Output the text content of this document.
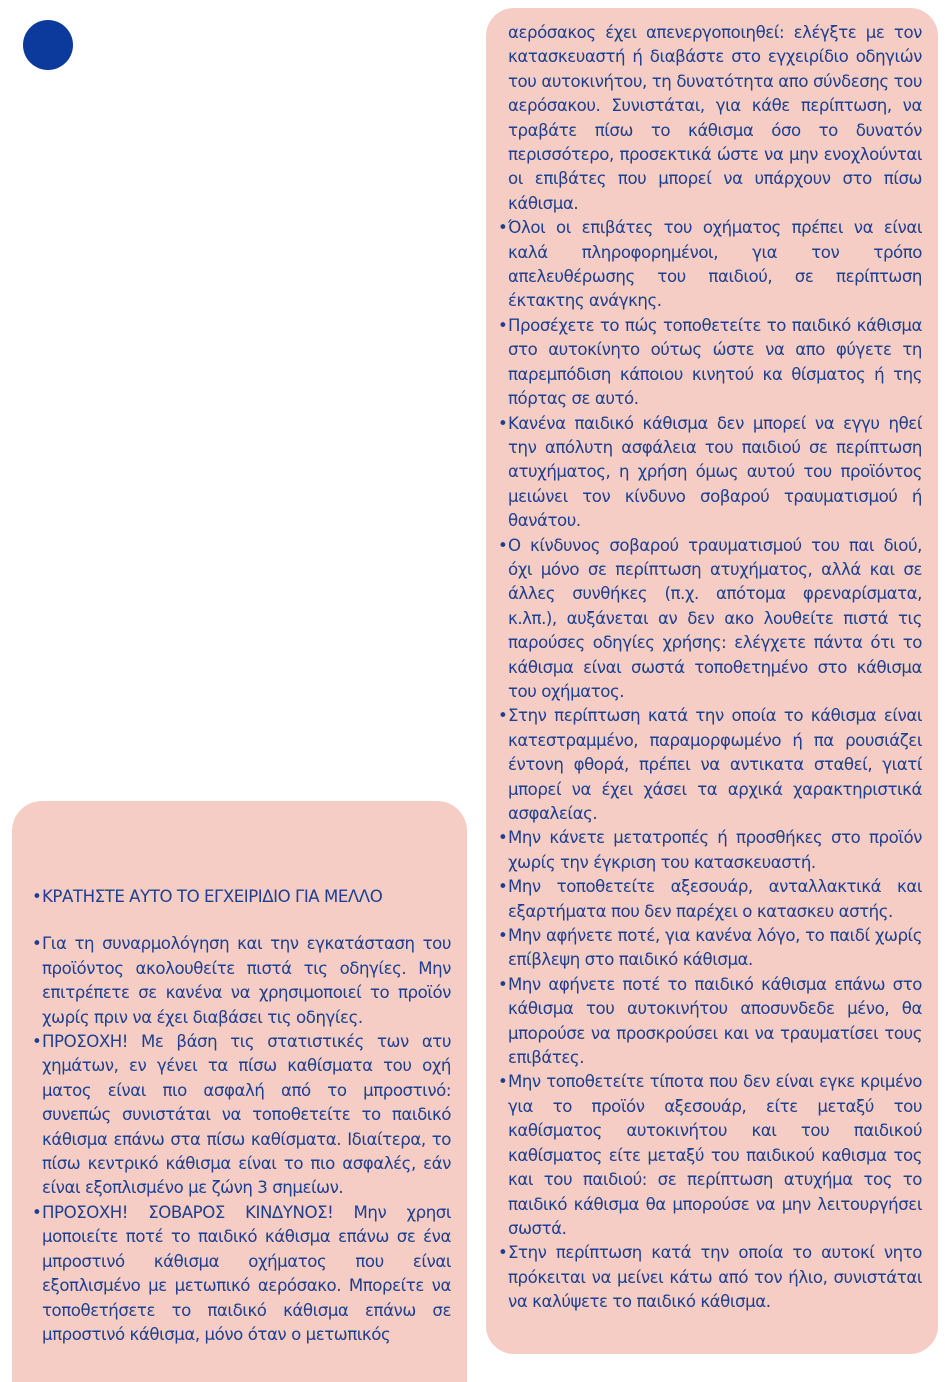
• ΚΡΑΤΗΣΤΕ ΑΥΤΟ ΤΟ ΕΓΧΕΙΡΙΔΙΟ ΓΙΑ ΜΕΛΛΟ
• Για τη συναρμολόγηση και την εγκατάσταση του προϊόντος ακολουθείτε πιστά τις οδηγίες. Μην επιτρέπετε σε κανένα να χρησιμοποιεί το προϊόν χωρίς πριν να έχει διαβάσει τις οδηγίες.
• ΠΡΟΣΟΧΗ! Με βάση τις στατιστικές των ατυ χημάτων, εν γένει τα πίσω καθίσματα του οχή ματος είναι πιο ασφαλή από το μπροστινό: συνεπώς συνιστάται να τοποθετείτε το παιδικό κάθισμα επάνω στα πίσω καθίσματα. Ιδιαίτερα, το πίσω κεντρικό κάθισμα είναι το πιο ασφαλές, εάν είναι εξοπλισμένο με ζώνη 3 σημείων.
• ΠΡΟΣΟΧΗ! ΣΟΒΑΡΟΣ ΚΙΝΔΥΝΟΣ! Μην χρησι μοποιείτε ποτέ το παιδικό κάθισμα επάνω σε ένα μπροστινό κάθισμα οχήματος που είναι εξοπλισμένο με μετωπικό αερόσακο. Μπορείτε να τοποθετήσετε το παιδικό κάθισμα επάνω σε μπροστινό κάθισμα, μόνο όταν ο μετωπικός
αερόσακος έχει απενεργοποιηθεί: ελέγξτε με τον κατασκευαστή ή διαβάστε στο εγχειρίδιο οδηγιών του αυτοκινήτου, τη δυνατότητα απο σύνδεσης του αερόσακου. Συνιστάται, για κάθε περίπτωση, να τραβάτε πίσω το κάθισμα όσο το δυνατόν περισσότερο, προσεκτικά ώστε να μην ενοχλούνται οι επιβάτες που μπορεί να υπάρχουν στο πίσω κάθισμα.
• Όλοι οι επιβάτες του οχήματος πρέπει να είναι καλά πληροφορημένοι, για τον τρόπο απελευθέρωσης του παιδιού, σε περίπτωση έκτακτης ανάγκης.
• Προσέχετε το πώς τοποθετείτε το παιδικό κάθισμα στο αυτοκίνητο ούτως ώστε να απο φύγετε τη παρεμπόδιση κάποιου κινητού κα θίσματος ή της πόρτας σε αυτό.
• Κανένα παιδικό κάθισμα δεν μπορεί να εγγυ ηθεί την απόλυτη ασφάλεια του παιδιού σε περίπτωση ατυχήματος, η χρήση όμως αυτού του προϊόντος μειώνει τον κίνδυνο σοβαρού τραυματισμού ή θανάτου.
• Ο κίνδυνος σοβαρού τραυματισμού του παι διού, όχι μόνο σε περίπτωση ατυχήματος, αλλά και σε άλλες συνθήκες (π.χ. απότομα φρεναρίσματα, κ.λπ.), αυξάνεται αν δεν ακο λουθείτε πιστά τις παρούσες οδηγίες χρήσης: ελέγχετε πάντα ότι το κάθισμα είναι σωστά τοποθετημένο στο κάθισμα του οχήματος.
• Στην περίπτωση κατά την οποία το κάθισμα είναι κατεστραμμένο, παραμορφωμένο ή πα ρουσιάζει έντονη φθορά, πρέπει να αντικατα σταθεί, γιατί μπορεί να έχει χάσει τα αρχικά χαρακτηριστικά ασφαλείας.
• Μην κάνετε μετατροπές ή προσθήκες στο προϊόν χωρίς την έγκριση του κατασκευαστή.
• Μην τοποθετείτε αξεσουάρ, ανταλλακτικά και εξαρτήματα που δεν παρέχει ο κατασκευ αστής.
• Μην αφήνετε ποτέ, για κανένα λόγο, το παιδί χωρίς επίβλεψη στο παιδικό κάθισμα.
• Μην αφήνετε ποτέ το παιδικό κάθισμα επάνω στο κάθισμα του αυτοκινήτου αποσυνδεδε μένο, θα μπορούσε να προσκρούσει και να τραυματίσει τους επιβάτες.
• Μην τοποθετείτε τίποτα που δεν είναι εγκε κριμένο για το προϊόν αξεσουάρ, είτε μεταξύ του καθίσματος αυτοκινήτου και του παιδικού καθίσματος είτε μεταξύ του παιδικού καθισμα τος και του παιδιού: σε περίπτωση ατυχήμα τος το παιδικό κάθισμα θα μπορούσε να μην λειτουργήσει σωστά.
• Στην περίπτωση κατά την οποία το αυτοκί νητο πρόκειται να μείνει κάτω από τον ήλιο, συνιστάται να καλύψετε το παιδικό κάθισμα.
